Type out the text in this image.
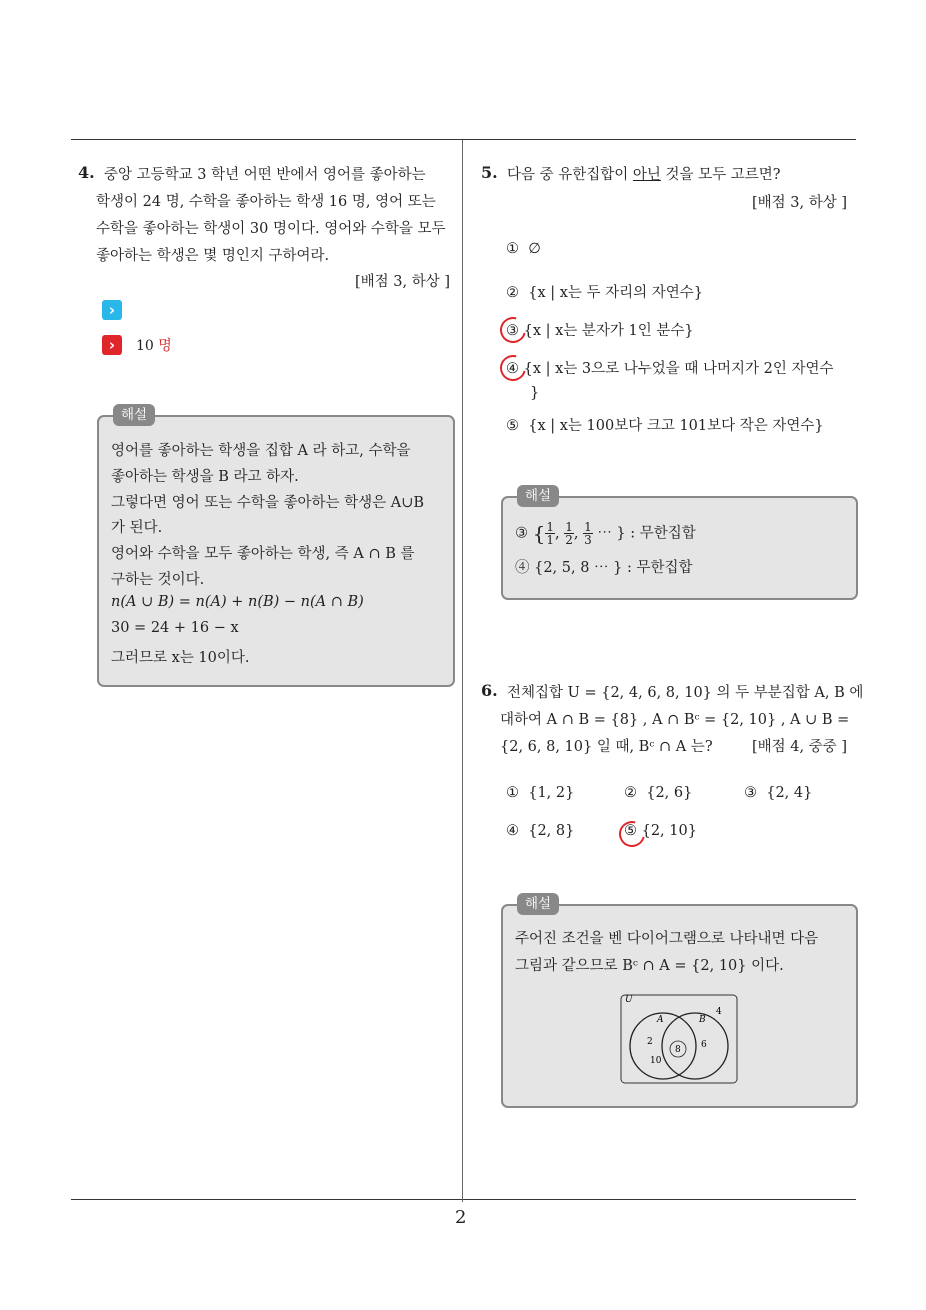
4. 중앙 고등학교 3 학년 어떤 반에서 영어를 좋아하는
학생이 24 명, 수학을 좋아하는 학생 16 명, 영어 또는
수학을 좋아하는 학생이 30 명이다. 영어와 수학을 모두
좋아하는 학생은 몇 명인지 구하여라.
[배점 3, 하상 ]
›
›	10 명
해설
영어를 좋아하는 학생을 집합 A 라 하고, 수학을
좋아하는 학생을 B 라고 하자.
그렇다면 영어 또는 수학을 좋아하는 학생은 A∪B
가 된다.
영어와 수학을 모두 좋아하는 학생, 즉 A ∩ B 를
구하는 것이다.
n(A ∪ B) = n(A) + n(B) − n(A ∩ B)
30 = 24 + 16 − x
그러므로 x는 10이다.
5. 다음 중 유한집합이 아닌 것을 모두 고르면?
[배점 3, 하상 ]
① ∅
② {x | x는 두 자리의 자연수}
③ {x | x는 분자가 1인 분수}
④ {x | x는 3으로 나누었을 때 나머지가 2인 자연수
}
⑤ {x | x는 100보다 크고 101보다 작은 자연수}
해설
③ { $\frac{1}{1}$ , $\frac{1}{2}$ , $\frac{1}{3}$ ⋯ } : 무한집합
④ {2, 5, 8 ⋯ } : 무한집합
6. 전체집합 U = {2, 4, 6, 8, 10} 의 두 부분집합 A, B 에
대하여 A ∩ B = {8} , A ∩ Bᶜ = {2, 10} , A ∪ B =
{2, 6, 8, 10} 일 때, Bᶜ ∩ A 는?	[배점 4, 중중 ]
① {1, 2}	② {2, 6}	③ {2, 4}
④ {2, 8}	⑤ {2, 10}
해설
주어진 조건을 벤 다이어그램으로 나타내면 다음
그림과 같으므로 Bᶜ ∩ A = {2, 10} 이다.
U
A	B
4
2
10
8 6
2
